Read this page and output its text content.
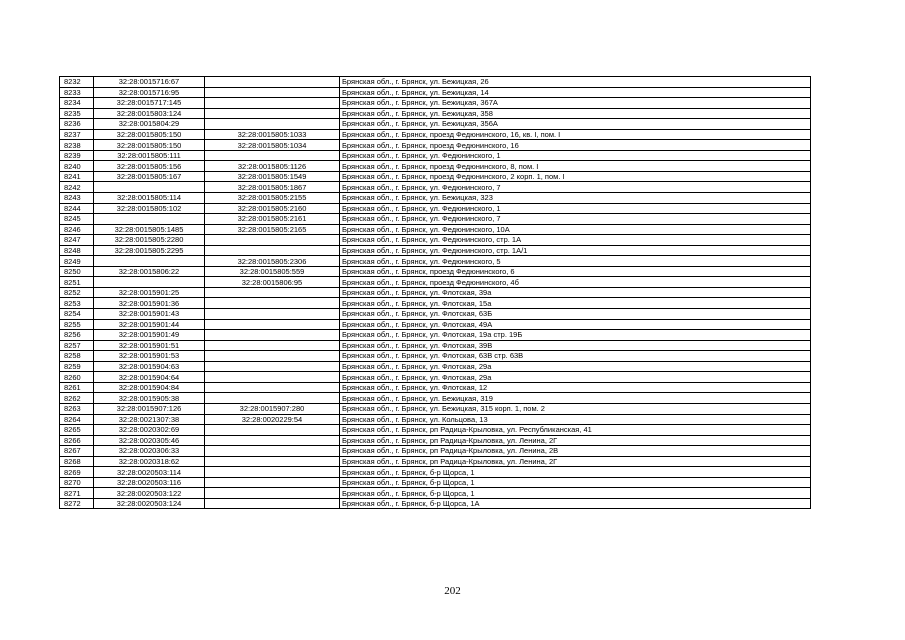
8232	32:28:0015716:67		Брянская обл., г. Брянск, ул. Бежицкая, 26
8233	32:28:0015716:95		Брянская обл., г. Брянск, ул. Бежицкая, 14
8234	32:28:0015717:145		Брянская обл., г. Брянск, ул. Бежицкая, 367А
8235	32:28:0015803:124		Брянская обл., г. Брянск, ул. Бежицкая, 358
8236	32:28:0015804:29		Брянская обл., г. Брянск, ул. Бежицкая, 356А
8237	32:28:0015805:150	32:28:0015805:1033	Брянская обл., г. Брянск, проезд Федюнинского, 16, кв. I, пом. I
8238	32:28:0015805:150	32:28:0015805:1034	Брянская обл., г. Брянск, проезд Федюнинского, 16
8239	32:28:0015805:111		Брянская обл., г. Брянск, ул. Федюнинского, 1
8240	32:28:0015805:156	32:28:0015805:1126	Брянская обл., г. Брянск, проезд Федюнинского, 8, пом. I
8241	32:28:0015805:167	32:28:0015805:1549	Брянская обл., г. Брянск, проезд Федюнинского, 2 корп. 1, пом. I
8242		32:28:0015805:1867	Брянская обл., г. Брянск, ул. Федюнинского, 7
8243	32:28:0015805:114	32:28:0015805:2155	Брянская обл., г. Брянск, ул. Бежицкая, 323
8244	32:28:0015805:102	32:28:0015805:2160	Брянская обл., г. Брянск, ул. Федюнинского, 1
8245		32:28:0015805:2161	Брянская обл., г. Брянск, ул. Федюнинского, 7
8246	32:28:0015805:1485	32:28:0015805:2165	Брянская обл., г. Брянск, ул. Федюнинского, 10А
8247	32:28:0015805:2280		Брянская обл., г. Брянск, ул. Федюнинского, стр. 1А
8248	32:28:0015805:2295		Брянская обл., г. Брянск, ул. Федюнинского, стр. 1А/1
8249		32:28:0015805:2306	Брянская обл., г. Брянск, ул. Федюнинского, 5
8250	32:28:0015806:22	32:28:0015805:559	Брянская обл., г. Брянск, проезд Федюнинского, 6
8251		32:28:0015806:95	Брянская обл., г. Брянск, проезд Федюнинского, 4б
8252	32:28:0015901:25		Брянская обл., г. Брянск, ул. Флотская, 39а
8253	32:28:0015901:36		Брянская обл., г. Брянск, ул. Флотская, 15а
8254	32:28:0015901:43		Брянская обл., г. Брянск, ул. Флотская, 63Б
8255	32:28:0015901:44		Брянская обл., г. Брянск, ул. Флотская, 49А
8256	32:28:0015901:49		Брянская обл., г. Брянск, ул. Флотская, 19а стр. 19Б
8257	32:28:0015901:51		Брянская обл., г. Брянск, ул. Флотская, 39В
8258	32:28:0015901:53		Брянская обл., г. Брянск, ул. Флотская, 63В стр. 63В
8259	32:28:0015904:63		Брянская обл., г. Брянск, ул. Флотская, 29а
8260	32:28:0015904:64		Брянская обл., г. Брянск, ул. Флотская, 29а
8261	32:28:0015904:84		Брянская обл., г. Брянск, ул. Флотская, 12
8262	32:28:0015905:38		Брянская обл., г. Брянск, ул. Бежицкая, 319
8263	32:28:0015907:126	32:28:0015907:280	Брянская обл., г. Брянск, ул. Бежицкая, 315 корп. 1, пом. 2
8264	32:28:0021307:38	32:28:0020229:54	Брянская обл., г. Брянск, ул. Кольцова, 13
8265	32:28:0020302:69		Брянская обл., г. Брянск, рп Радица-Крыловка, ул. Республиканская, 41
8266	32:28:0020305:46		Брянская обл., г. Брянск, рп Радица-Крыловка, ул. Ленина, 2Г
8267	32:28:0020306:33		Брянская обл., г. Брянск, рп Радица-Крыловка, ул. Ленина, 2В
8268	32:28:0020318:62		Брянская обл., г. Брянск, рп Радица-Крыловка, ул. Ленина, 2Г
8269	32:28:0020503:114		Брянская обл., г. Брянск, б-р Щорса, 1
8270	32:28:0020503:116		Брянская обл., г. Брянск, б-р Щорса, 1
8271	32:28:0020503:122		Брянская обл., г. Брянск, б-р Щорса, 1
8272	32:28:0020503:124		Брянская обл., г. Брянск, б-р Щорса, 1А
202
